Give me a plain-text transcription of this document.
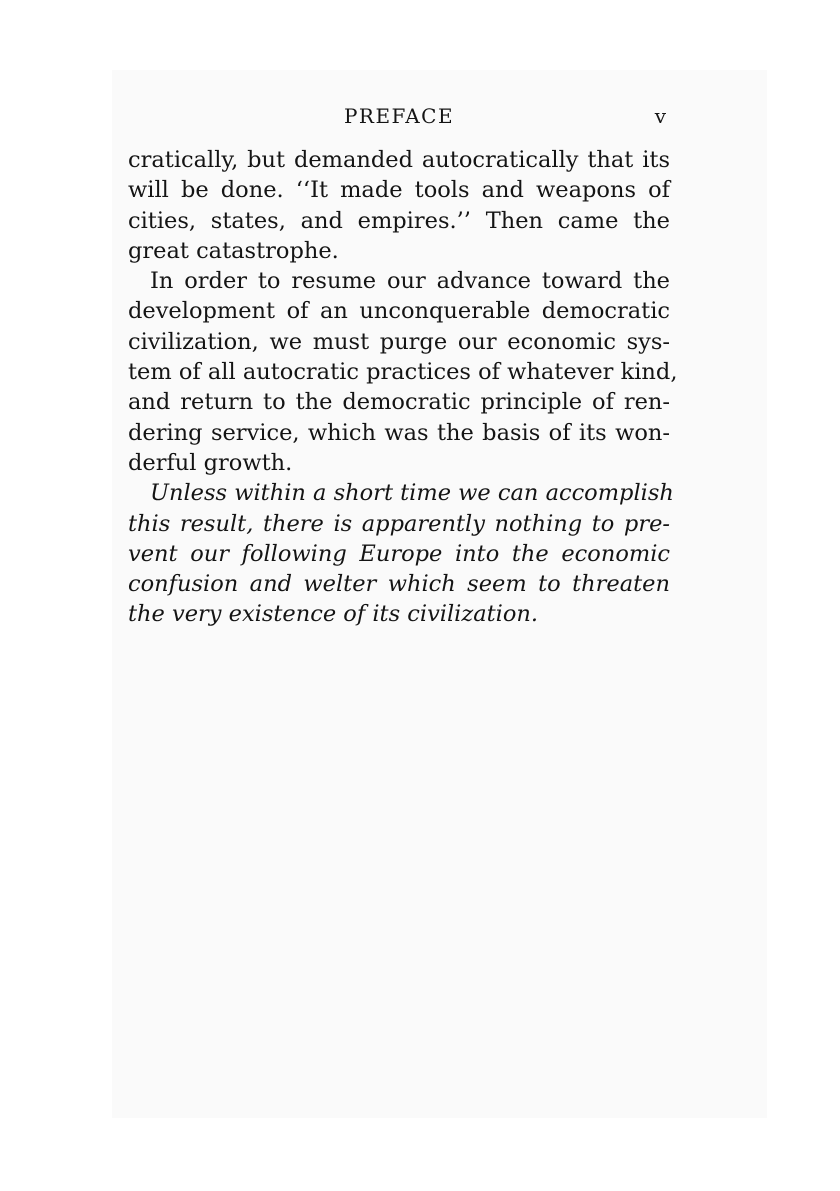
PREFACE	v
cratically, but demanded autocratically that its
will be done. ‘‘It made tools and weapons of
cities, states, and empires.’’ Then came the
great catastrophe.
In order to resume our advance toward the
development of an unconquerable democratic
civilization, we must purge our economic sys-
tem of all autocratic practices of whatever kind,
and return to the democratic principle of ren-
dering service, which was the basis of its won-
derful growth.
Unless within a short time we can accomplish
this result, there is apparently nothing to pre-
vent our following Europe into the economic
confusion and welter which seem to threaten
the very existence of its civilization.
